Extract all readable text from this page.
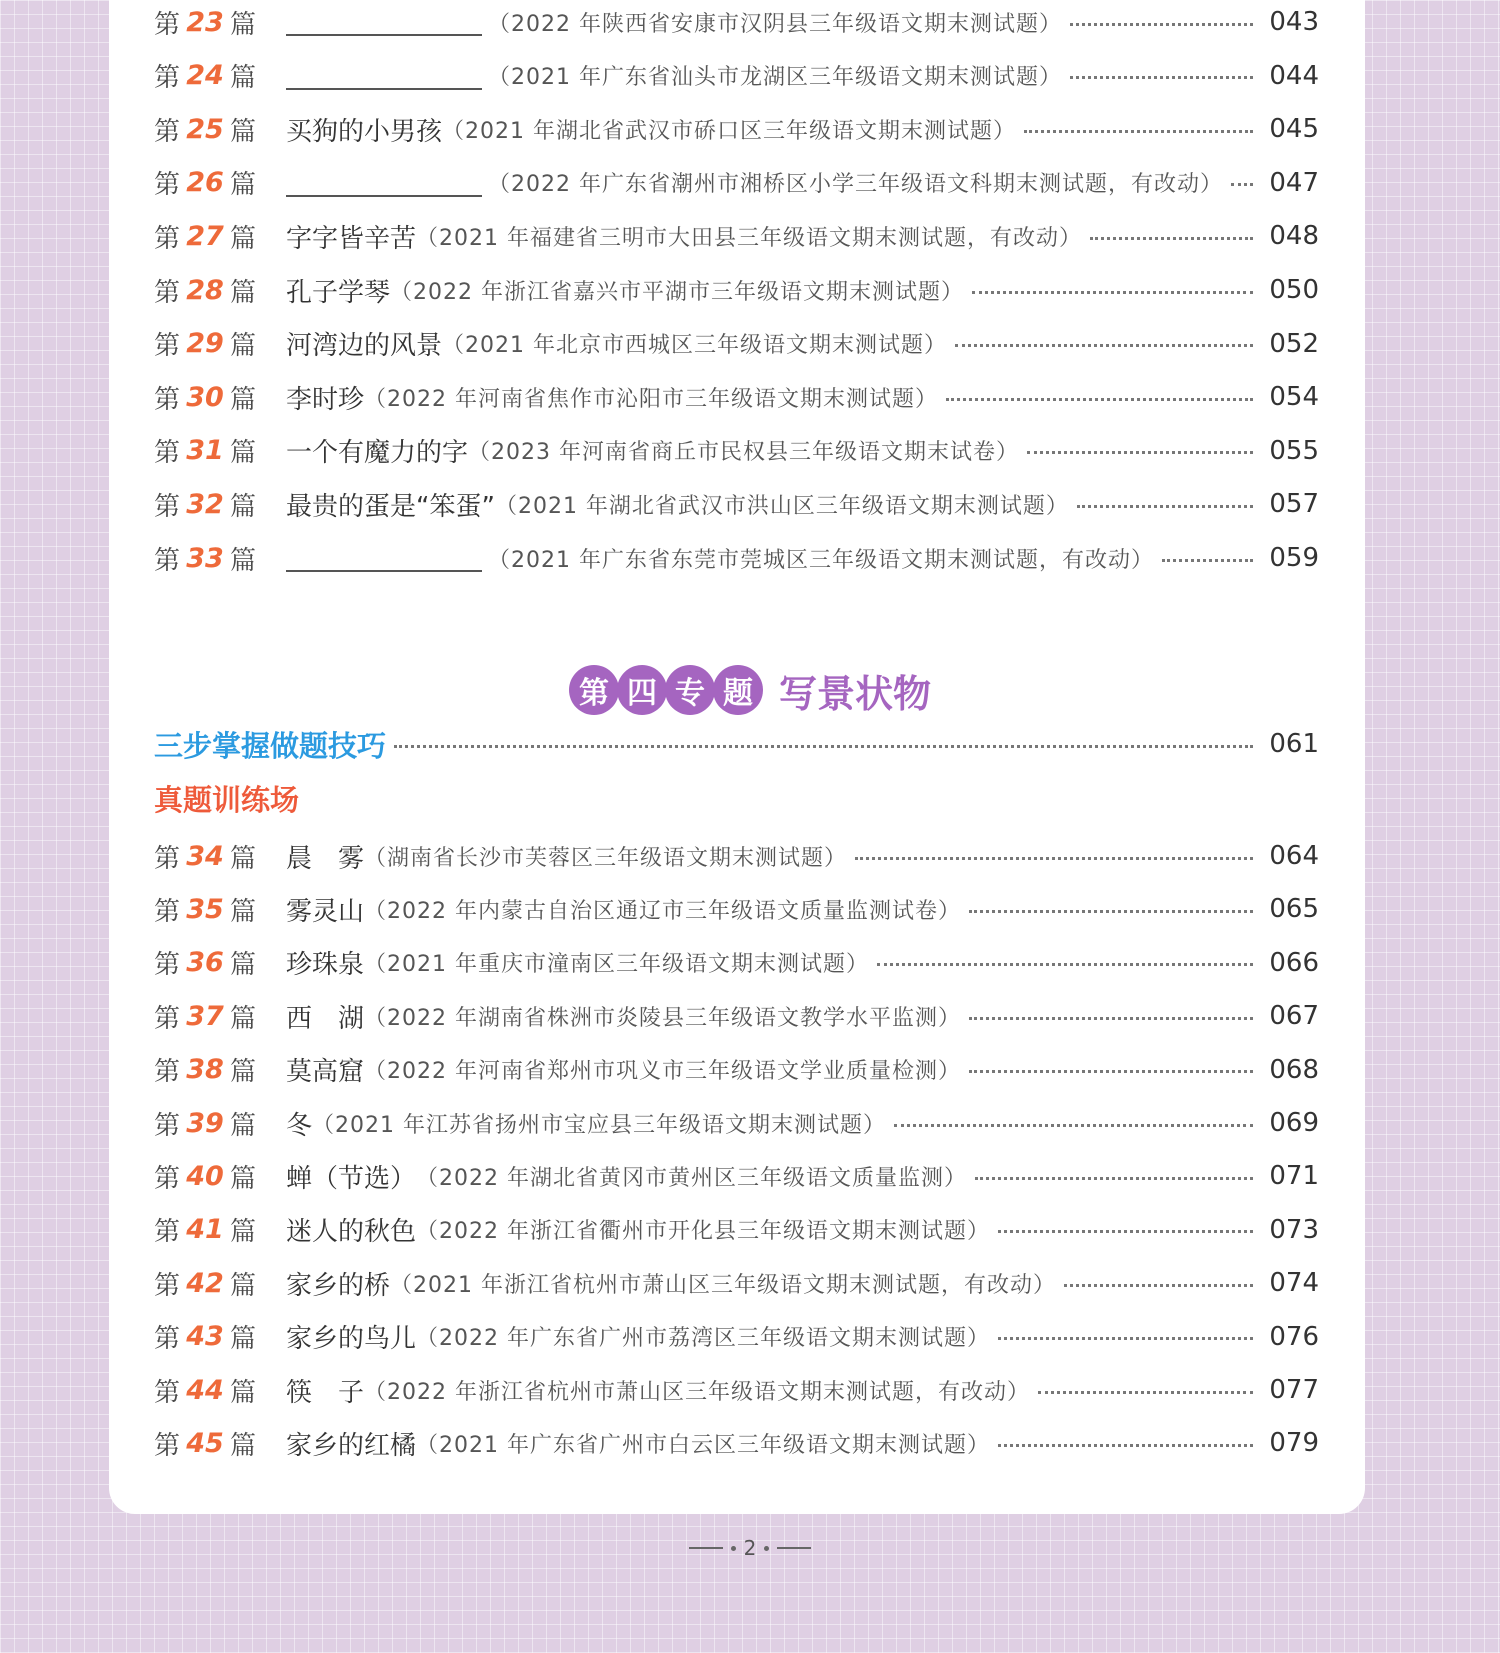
第 23 篇	（2022 年陕西省安康市汉阴县三年级语文期末测试题）	043
第 24 篇	（2021 年广东省汕头市龙湖区三年级语文期末测试题）	044
第 25 篇 买狗的小男孩 （2021 年湖北省武汉市硚口区三年级语文期末测试题）	045
第 26 篇	（2022 年广东省潮州市湘桥区小学三年级语文科期末测试题，有改动） 047
第 27 篇 字字皆辛苦 （2021 年福建省三明市大田县三年级语文期末测试题，有改动）	048
第 28 篇 孔子学琴 （2022 年浙江省嘉兴市平湖市三年级语文期末测试题）	050
第 29 篇 河湾边的风景 （2021 年北京市西城区三年级语文期末测试题）	052
第 30 篇 李时珍 （2022 年河南省焦作市沁阳市三年级语文期末测试题）	054
第 31 篇 一个有魔力的字 （2023 年河南省商丘市民权县三年级语文期末试卷）	055
第 32 篇 最贵的蛋是“笨蛋” （2021 年湖北省武汉市洪山区三年级语文期末测试题）	057
第 33 篇	（2021 年广东省东莞市莞城区三年级语文期末测试题，有改动）	059
第 四 专 题 写景状物
三步掌握做题技巧	061
真题训练场
第 34 篇 晨　雾 （湖南省长沙市芙蓉区三年级语文期末测试题）	064
第 35 篇 雾灵山 （2022 年内蒙古自治区通辽市三年级语文质量监测试卷）	065
第 36 篇 珍珠泉 （2021 年重庆市潼南区三年级语文期末测试题）	066
第 37 篇 西　湖 （2022 年湖南省株洲市炎陵县三年级语文教学水平监测）	067
第 38 篇 莫高窟 （2022 年河南省郑州市巩义市三年级语文学业质量检测）	068
第 39 篇 冬 （2021 年江苏省扬州市宝应县三年级语文期末测试题）	069
第 40 篇 蝉（节选） （2022 年湖北省黄冈市黄州区三年级语文质量监测）	071
第 41 篇 迷人的秋色 （2022 年浙江省衢州市开化县三年级语文期末测试题）	073
第 42 篇 家乡的桥 （2021 年浙江省杭州市萧山区三年级语文期末测试题，有改动）	074
第 43 篇 家乡的鸟儿 （2022 年广东省广州市荔湾区三年级语文期末测试题）	076
第 44 篇 筷　子 （2022 年浙江省杭州市萧山区三年级语文期末测试题，有改动）	077
第 45 篇 家乡的红橘 （2021 年广东省广州市白云区三年级语文期末测试题）	079
2
